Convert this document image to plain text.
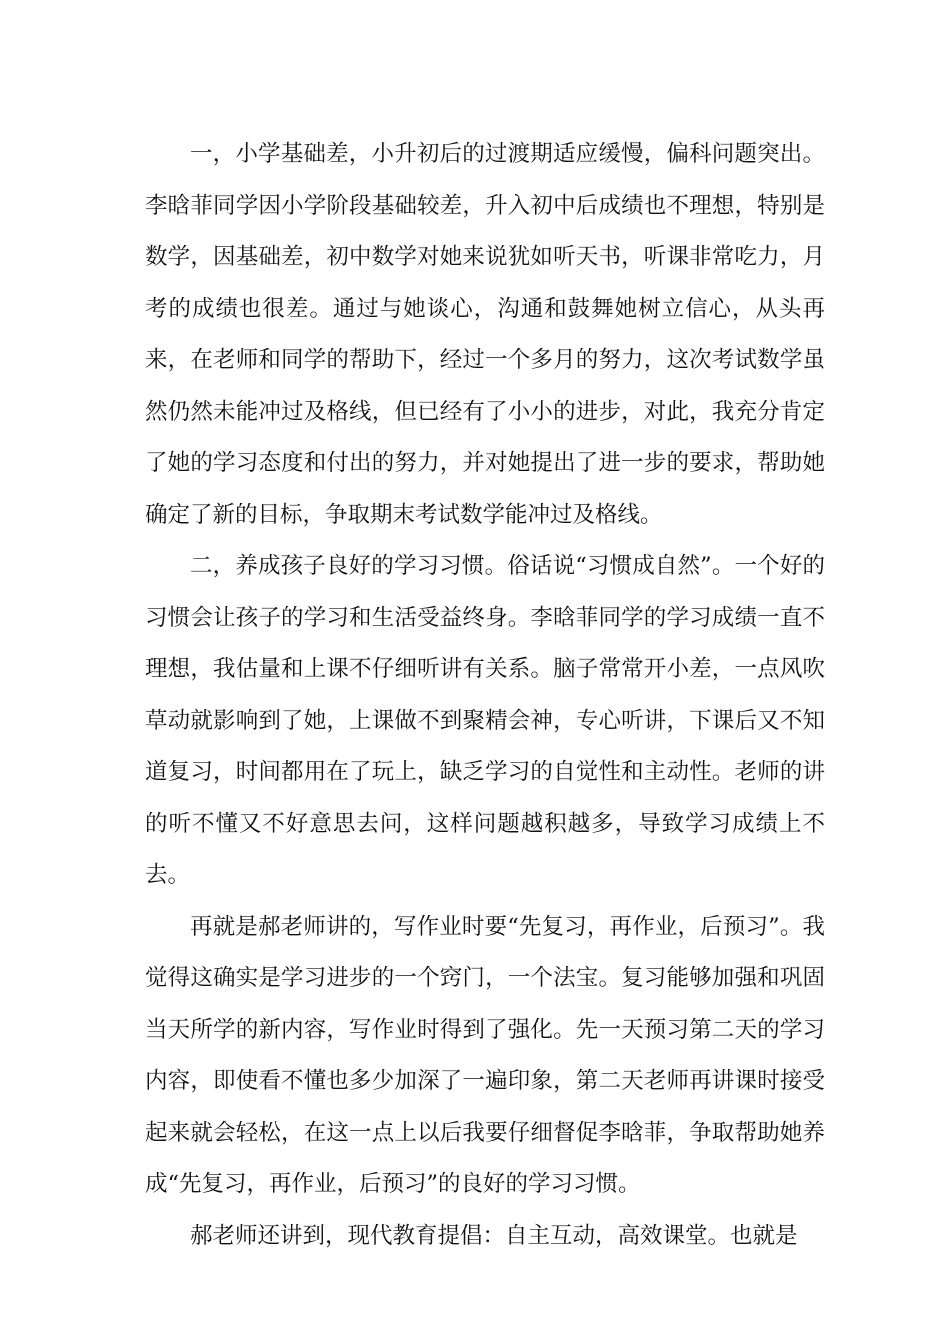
一，小学基础差，小升初后的过渡期适应缓慢，偏科问题突出。李晗菲同学因小学阶段基础较差，升入初中后成绩也不理想，特别是数学，因基础差，初中数学对她来说犹如听天书，听课非常吃力，月考的成绩也很差。通过与她谈心，沟通和鼓舞她树立信心，从头再来，在老师和同学的帮助下，经过一个多月的努力，这次考试数学虽然仍然未能冲过及格线，但已经有了小小的进步，对此，我充分肯定了她的学习态度和付出的努力，并对她提出了进一步的要求，帮助她确定了新的目标，争取期末考试数学能冲过及格线。

二，养成孩子良好的学习习惯。俗话说“习惯成自然”。一个好的习惯会让孩子的学习和生活受益终身。李晗菲同学的学习成绩一直不理想，我估量和上课不仔细听讲有关系。脑子常常开小差，一点风吹草动就影响到了她，上课做不到聚精会神，专心听讲，下课后又不知道复习，时间都用在了玩上，缺乏学习的自觉性和主动性。老师的讲的听不懂又不好意思去问，这样问题越积越多，导致学习成绩上不去。

再就是郝老师讲的，写作业时要“先复习，再作业，后预习”。我觉得这确实是学习进步的一个窍门，一个法宝。复习能够加强和巩固当天所学的新内容，写作业时得到了强化。先一天预习第二天的学习内容，即使看不懂也多少加深了一遍印象，第二天老师再讲课时接受起来就会轻松，在这一点上以后我要仔细督促李晗菲，争取帮助她养成“先复习，再作业，后预习”的良好的学习习惯。

郝老师还讲到，现代教育提倡：自主互动，高效课堂。也就是
